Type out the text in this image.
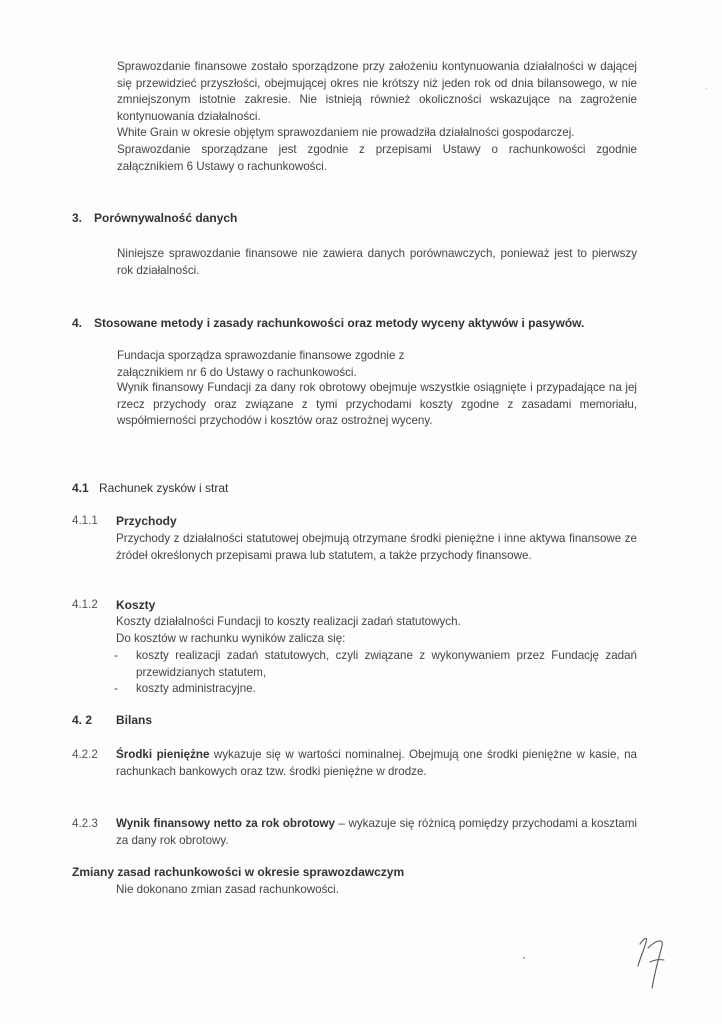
Sprawozdanie finansowe zostało sporządzone przy założeniu kontynuowania działalności w dającej się przewidzieć przyszłości, obejmującej okres nie krótszy niż jeden rok od dnia bilansowego, w nie zmniejszonym istotnie zakresie. Nie istnieją również okoliczności wskazujące na zagrożenie kontynuowania działalności.

White Grain w okresie objętym sprawozdaniem nie prowadziła działalności gospodarczej.

Sprawozdanie sporządzane jest zgodnie z przepisami Ustawy o rachunkowości zgodnie załącznikiem 6 Ustawy o rachunkowości.

3. Porównywalność danych

Niniejsze sprawozdanie finansowe nie zawiera danych porównawczych, ponieważ jest to pierwszy rok działalności.

4. Stosowane metody i zasady rachunkowości oraz metody wyceny aktywów i pasywów.

Fundacja sporządza sprawozdanie finansowe zgodnie z załącznikiem nr 6 do Ustawy o rachunkowości.

Wynik finansowy Fundacji za dany rok obrotowy obejmuje wszystkie osiągnięte i przypadające na jej rzecz przychody oraz związane z tymi przychodami koszty zgodne z zasadami memoriału, współmierności przychodów i kosztów oraz ostrożnej wyceny.

4.1 Rachunek zysków i strat

4.1.1 Przychody

Przychody z działalności statutowej obejmują otrzymane środki pieniężne i inne aktywa finansowe ze źródeł określonych przepisami prawa lub statutem, a także przychody finansowe.

4.1.2 Koszty

Koszty działalności Fundacji to koszty realizacji zadań statutowych.

Do kosztów w rachunku wyników zalicza się:

- koszty realizacji zadań statutowych, czyli związane z wykonywaniem przez Fundację zadań przewidzianych statutem,
- koszty administracyjne.

4. 2 Bilans

4.2.2 Środki pieniężne wykazuje się w wartości nominalnej. Obejmują one środki pieniężne w kasie, na rachunkach bankowych oraz tzw. środki pieniężne w drodze.

4.2.3 Wynik finansowy netto za rok obrotowy – wykazuje się różnicą pomiędzy przychodami a kosztami za dany rok obrotowy.

Zmiany zasad rachunkowości w okresie sprawozdawczym

Nie dokonano zmian zasad rachunkowości.
